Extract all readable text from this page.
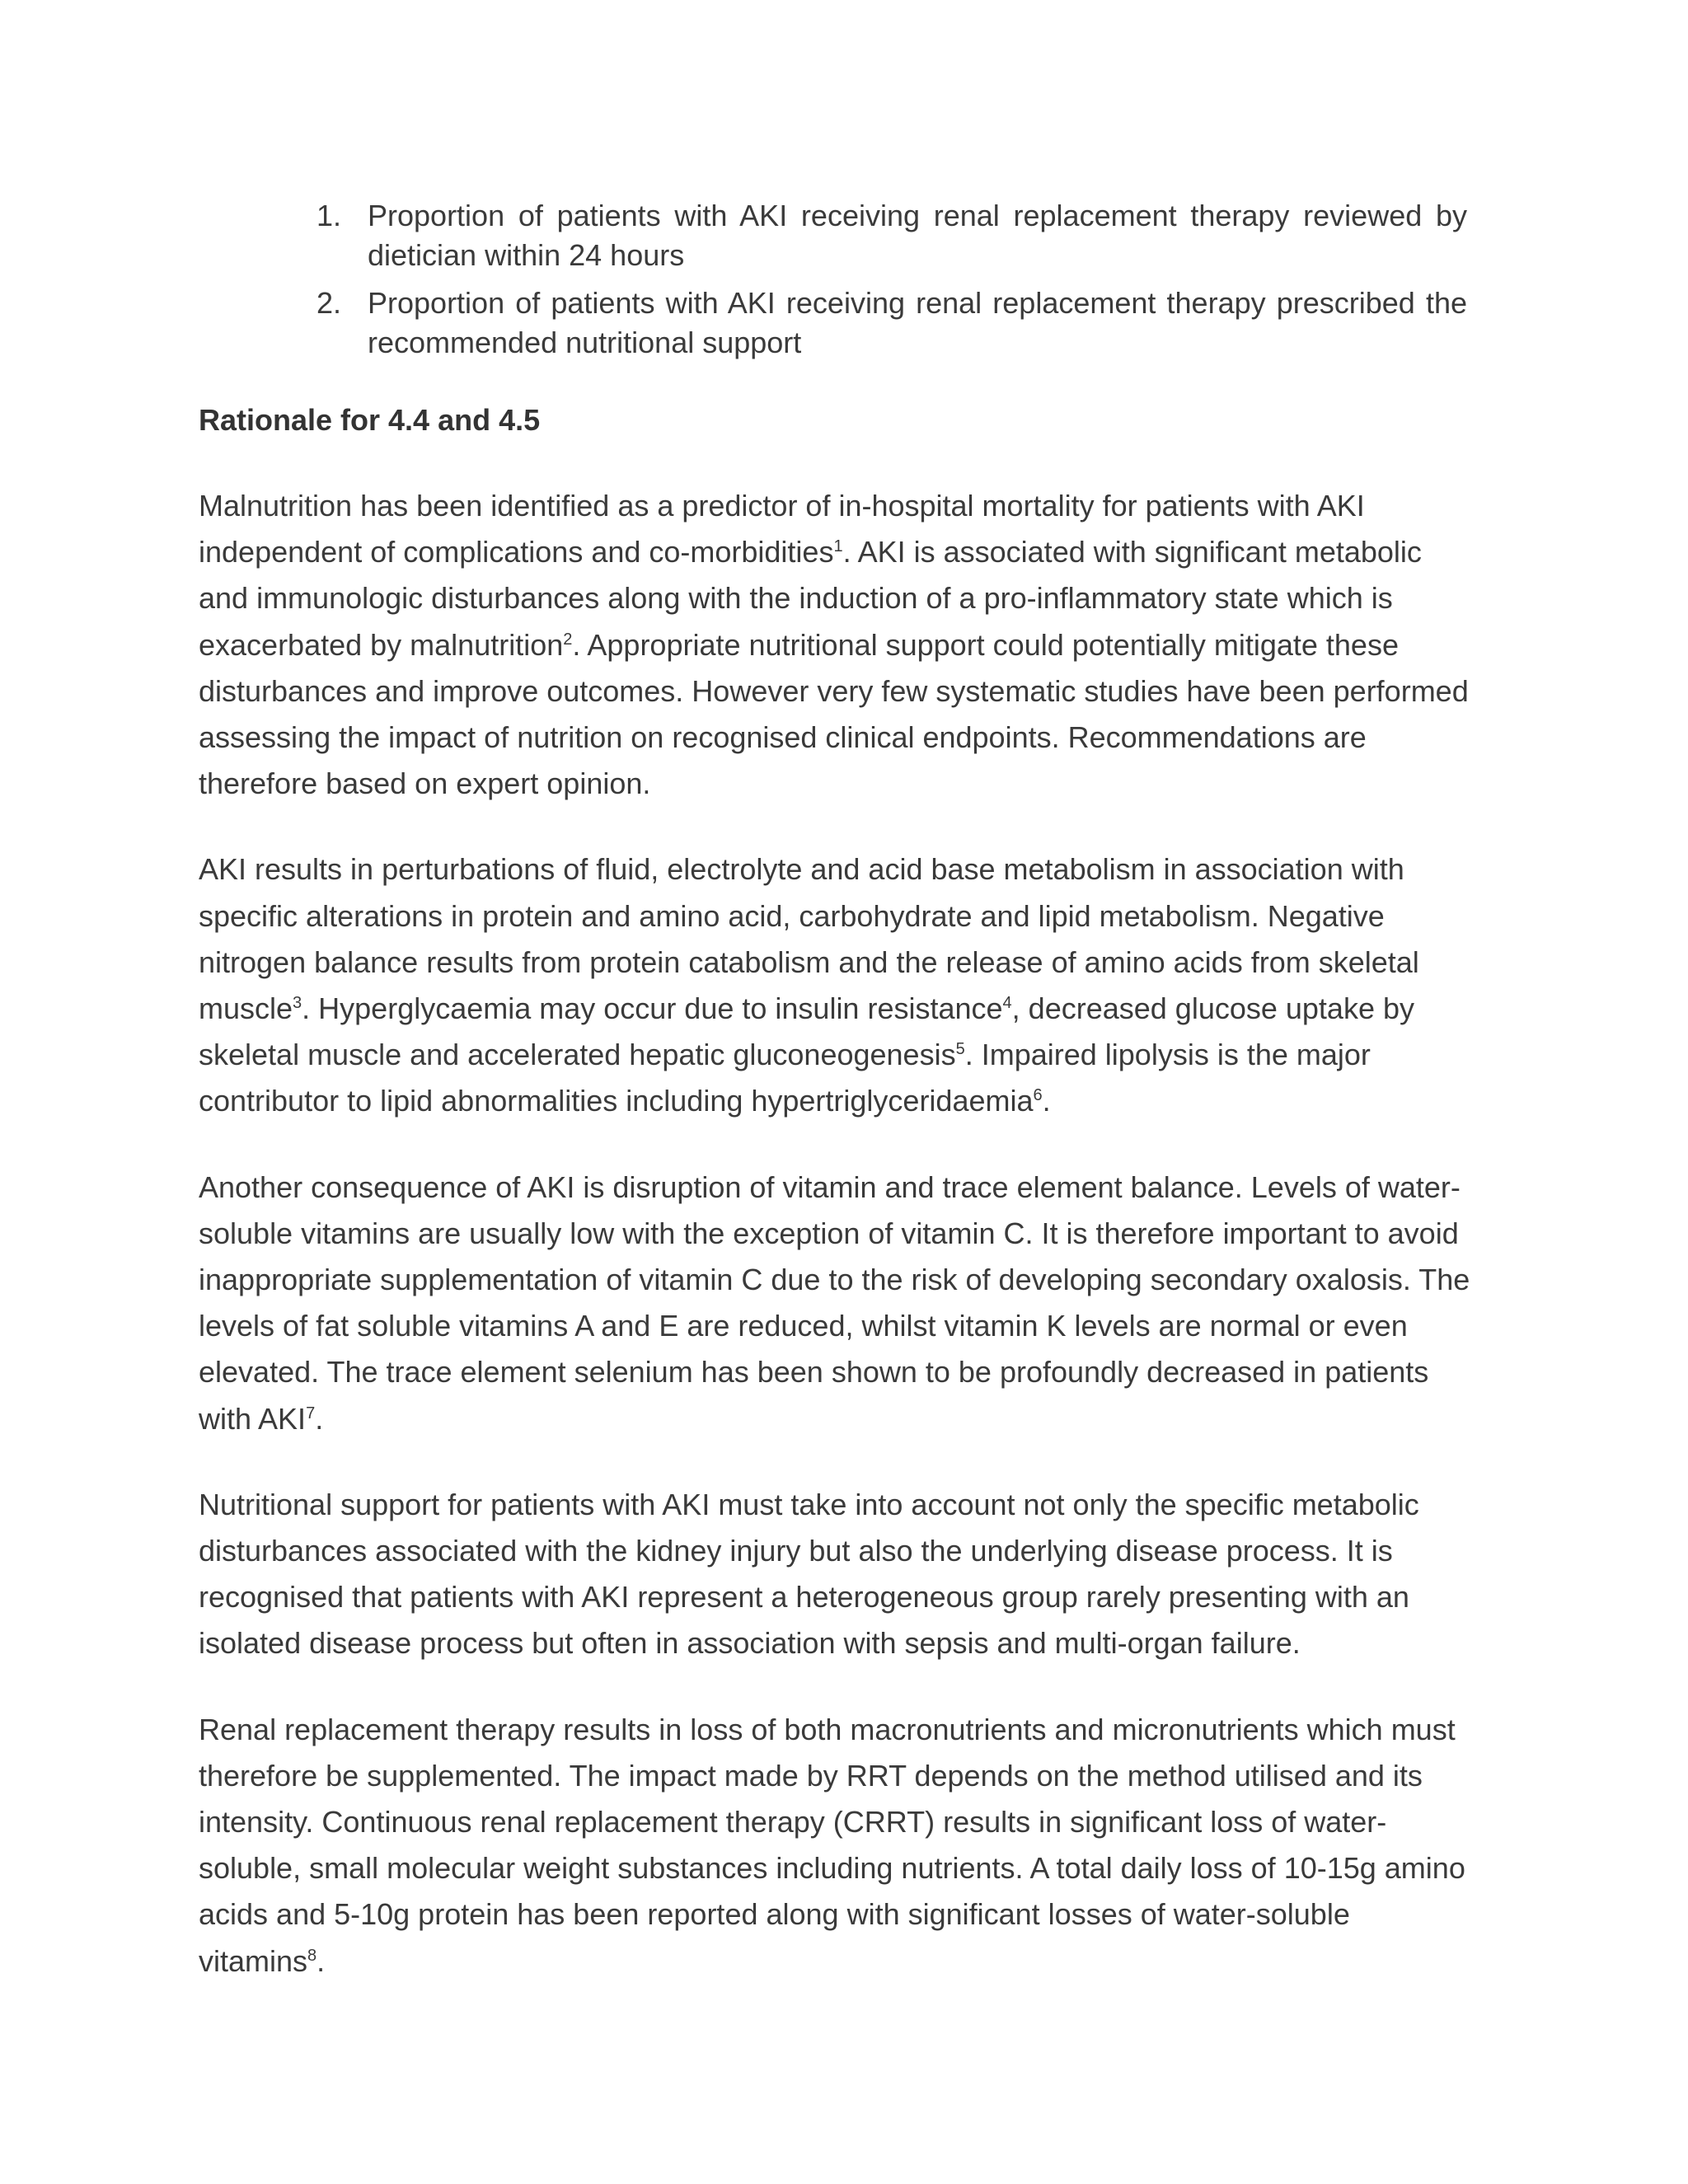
1. Proportion of patients with AKI receiving renal replacement therapy reviewed by dietician within 24 hours
2. Proportion of patients with AKI receiving renal replacement therapy prescribed the recommended nutritional support
Rationale for 4.4 and 4.5

Malnutrition has been identified as a predictor of in-hospital mortality for patients with AKI independent of complications and co-morbidities$^1$. AKI is associated with significant metabolic and immunologic disturbances along with the induction of a pro-inflammatory state which is exacerbated by malnutrition$^2$. Appropriate nutritional support could potentially mitigate these disturbances and improve outcomes. However very few systematic studies have been performed assessing the impact of nutrition on recognised clinical endpoints. Recommendations are therefore based on expert opinion.

AKI results in perturbations of fluid, electrolyte and acid base metabolism in association with specific alterations in protein and amino acid, carbohydrate and lipid metabolism. Negative nitrogen balance results from protein catabolism and the release of amino acids from skeletal muscle$^3$. Hyperglycaemia may occur due to insulin resistance$^4$, decreased glucose uptake by skeletal muscle and accelerated hepatic gluconeogenesis$^5$. Impaired lipolysis is the major contributor to lipid abnormalities including hypertriglyceridaemia$^6$.

Another consequence of AKI is disruption of vitamin and trace element balance. Levels of water-soluble vitamins are usually low with the exception of vitamin C. It is therefore important to avoid inappropriate supplementation of vitamin C due to the risk of developing secondary oxalosis. The levels of fat soluble vitamins A and E are reduced, whilst vitamin K levels are normal or even elevated. The trace element selenium has been shown to be profoundly decreased in patients with AKI$^7$.

Nutritional support for patients with AKI must take into account not only the specific metabolic disturbances associated with the kidney injury but also the underlying disease process. It is recognised that patients with AKI represent a heterogeneous group rarely presenting with an isolated disease process but often in association with sepsis and multi-organ failure.

Renal replacement therapy results in loss of both macronutrients and micronutrients which must therefore be supplemented. The impact made by RRT depends on the method utilised and its intensity. Continuous renal replacement therapy (CRRT) results in significant loss of water-soluble, small molecular weight substances including nutrients. A total daily loss of 10-15g amino acids and 5-10g protein has been reported along with significant losses of water-soluble vitamins$^8$.
